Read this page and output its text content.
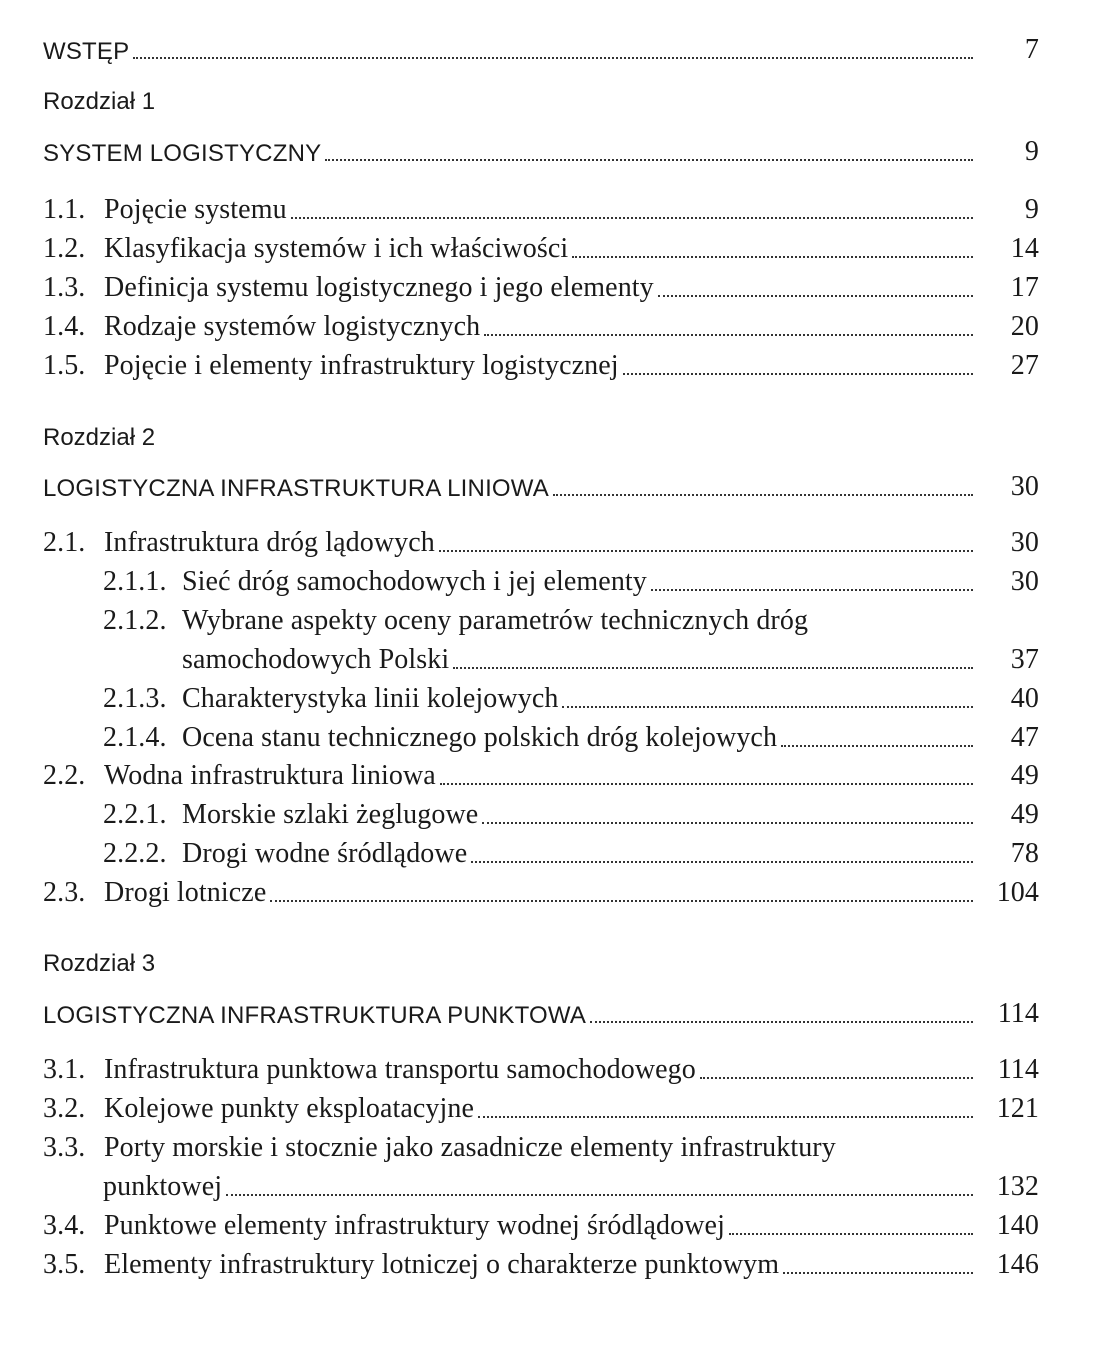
WSTĘP	7
Rozdział 1
SYSTEM LOGISTYCZNY	9
1.1. Pojęcie systemu	9
1.2. Klasyfikacja systemów i ich właściwości	14
1.3. Definicja systemu logistycznego i jego elementy	17
1.4. Rodzaje systemów logistycznych	20
1.5. Pojęcie i elementy infrastruktury logistycznej	27
Rozdział 2
LOGISTYCZNA INFRASTRUKTURA LINIOWA	30
2.1. Infrastruktura dróg lądowych	30
2.1.1. Sieć dróg samochodowych i jej elementy	30
2.1.2. Wybrane aspekty oceny parametrów technicznych dróg
samochodowych Polski	37
2.1.3. Charakterystyka linii kolejowych	40
2.1.4. Ocena stanu technicznego polskich dróg kolejowych	47
2.2. Wodna infrastruktura liniowa	49
2.2.1. Morskie szlaki żeglugowe	49
2.2.2. Drogi wodne śródlądowe	78
2.3. Drogi lotnicze	104
Rozdział 3
LOGISTYCZNA INFRASTRUKTURA PUNKTOWA	114
3.1. Infrastruktura punktowa transportu samochodowego	114
3.2. Kolejowe punkty eksploatacyjne	121
3.3. Porty morskie i stocznie jako zasadnicze elementy infrastruktury
punktowej	132
3.4. Punktowe elementy infrastruktury wodnej śródlądowej	140
3.5. Elementy infrastruktury lotniczej o charakterze punktowym	146
